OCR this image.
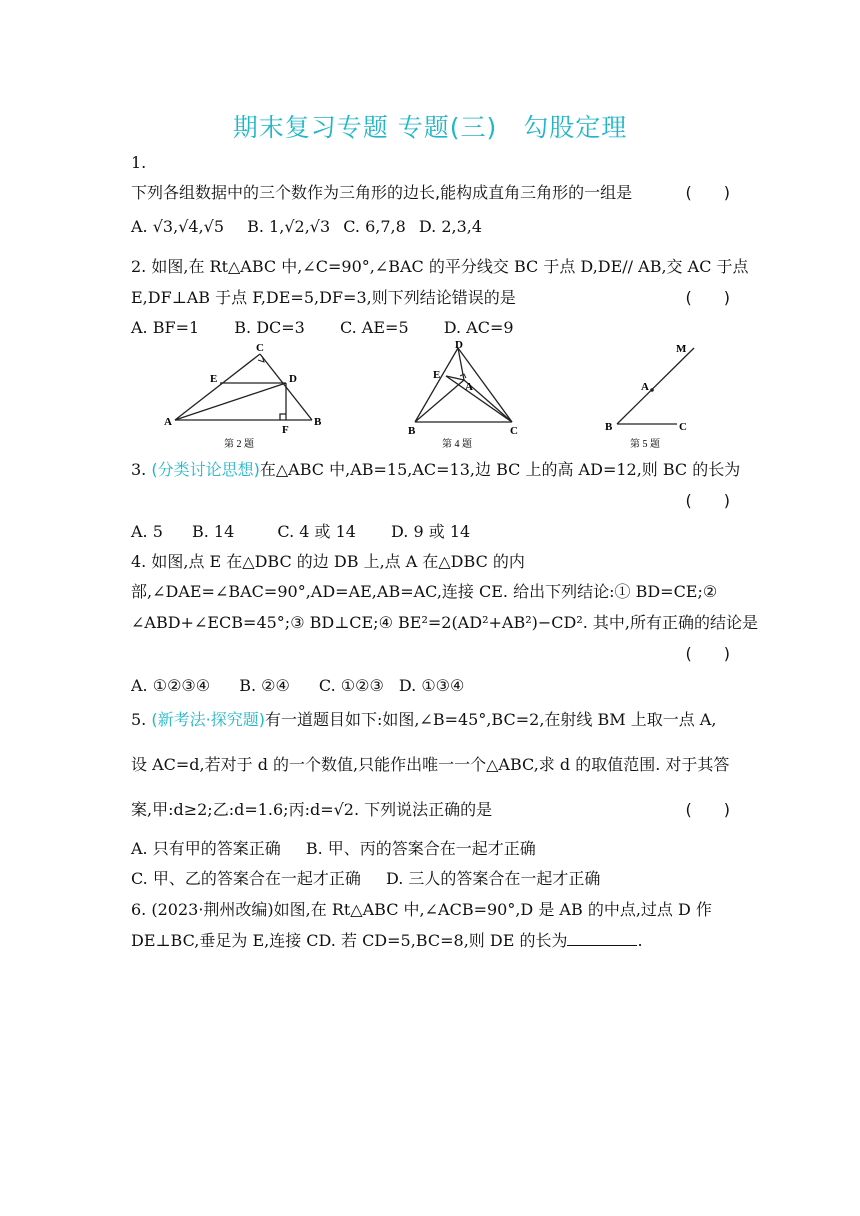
期末复习专题 专题(三)　勾股定理
1.
下列各组数据中的三个数作为三角形的边长,能构成直角三角形的一组是	(　　)
A. √3,√4,√5 B. 1,√2,√3 C. 6,7,8 D. 2,3,4
2. 如图,在 Rt△ABC 中,∠C=90°,∠BAC 的平分线交 BC 于点 D,DE// AB,交 AC 于点
E,DF⊥AB 于点 F,DE=5,DF=3,则下列结论错误的是	(　　)
A. BF=1 B. DC=3 C. AE=5 D. AC=9
C
E	D
A
F
B
第 2 题
D
E
A
B	C
第 4 题
M
A
B	C
第 5 题
3. (分类讨论思想)在△ABC 中,AB=15,AC=13,边 BC 上的高 AD=12,则 BC 的长为
(　　)
A. 5 B. 14	C. 4 或 14 D. 9 或 14
4. 如图,点 E 在△DBC 的边 DB 上,点 A 在△DBC 的内
部,∠DAE=∠BAC=90°,AD=AE,AB=AC,连接 CE. 给出下列结论:① BD=CE;②
∠ABD+∠ECB=45°;③ BD⊥CE;④ BE²=2(AD²+AB²)−CD². 其中,所有正确的结论是
(　　)
A. ①②③④ B. ②④ C. ①②③ D. ①③④
5. (新考法·探究题)有一道题目如下:如图,∠B=45°,BC=2,在射线 BM 上取一点 A,
设 AC=d,若对于 d 的一个数值,只能作出唯一一个△ABC,求 d 的取值范围. 对于其答
案,甲:d≥2;乙:d=1.6;丙:d=√2. 下列说法正确的是	(　　)
A. 只有甲的答案正确 B. 甲、丙的答案合在一起才正确
C. 甲、乙的答案合在一起才正确 D. 三人的答案合在一起才正确
6. (2023·荆州改编)如图,在 Rt△ABC 中,∠ACB=90°,D 是 AB 的中点,过点 D 作
DE⊥BC,垂足为 E,连接 CD. 若 CD=5,BC=8,则 DE 的长为	.
